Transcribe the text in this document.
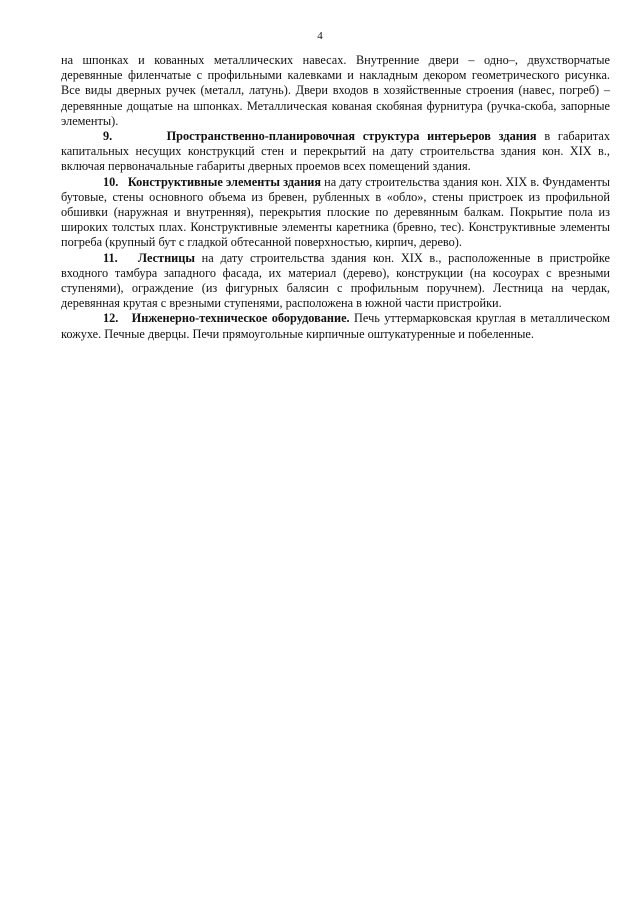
4

на шпонках и кованных металлических навесах. Внутренние двери – одно–, двухстворчатые деревянные филенчатые с профильными калевками и накладным декором геометрического рисунка. Все виды дверных ручек (металл, латунь). Двери входов в хозяйственные строения (навес, погреб) – деревянные дощатые на шпонках. Металлическая кованая скобяная фурнитура (ручка-скоба, запорные элементы).

9.	Пространственно-планировочная структура интерьеров здания в габаритах капитальных несущих конструкций стен и перекрытий на дату строительства здания кон. XIX в., включая первоначальные габариты дверных проемов всех помещений здания.

10. Конструктивные элементы здания на дату строительства здания кон. XIX в. Фундаменты бутовые, стены основного объема из бревен, рубленных в «обло», стены пристроек из профильной обшивки (наружная и внутренняя), перекрытия плоские по деревянным балкам. Покрытие пола из широких толстых плах. Конструктивные элементы каретника (бревно, тес). Конструктивные элементы погреба (крупный бут с гладкой обтесанной поверхностью, кирпич, дерево).

11. Лестницы на дату строительства здания кон. XIX в., расположенные в пристройке входного тамбура западного фасада, их материал (дерево), конструкции (на косоурах с врезными ступенями), ограждение (из фигурных балясин с профильным поручнем). Лестница на чердак, деревянная крутая с врезными ступенями, расположена в южной части пристройки.

12. Инженерно-техническое оборудование. Печь уттермарковская круглая в металлическом кожухе. Печные дверцы. Печи прямоугольные кирпичные оштукатуренные и побеленные.
